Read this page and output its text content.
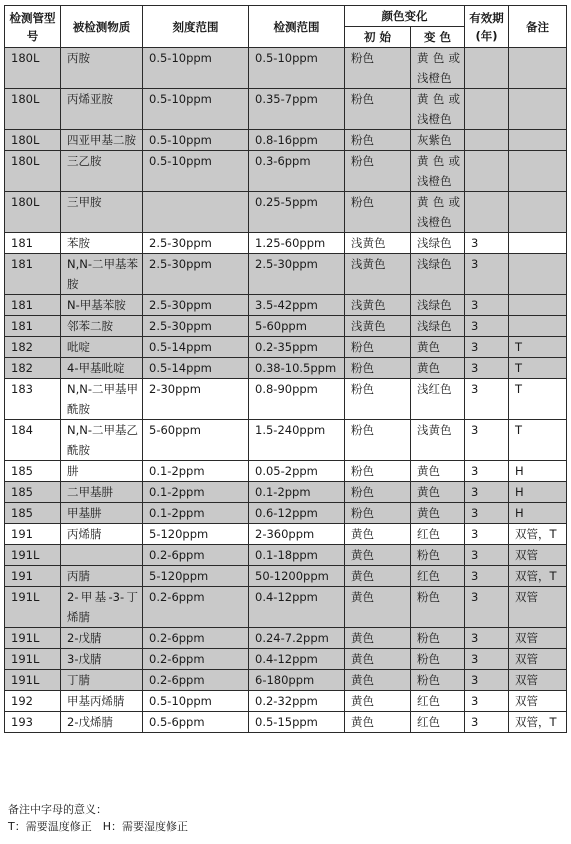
检测管型号	被检测物质	刻度范围	检测范围	颜色变化		有效期(年)	备注
				初 始	变 色		
180L	丙胺	0.5-10ppm	0.5-10ppm	粉色	黄色或浅橙色		
180L	丙烯亚胺	0.5-10ppm	0.35-7ppm	粉色	黄色或浅橙色		
180L	四亚甲基二胺	0.5-10ppm	0.8-16ppm	粉色	灰紫色		
180L	三乙胺	0.5-10ppm	0.3-6ppm	粉色	黄色或浅橙色		
180L	三甲胺		0.25-5ppm	粉色	黄色或浅橙色		
181	苯胺	2.5-30ppm	1.25-60ppm	浅黄色	浅绿色	3	
181	N,N-二甲基苯胺	2.5-30ppm	2.5-30ppm	浅黄色	浅绿色	3	
181	N-甲基苯胺	2.5-30ppm	3.5-42ppm	浅黄色	浅绿色	3	
181	邻苯二胺	2.5-30ppm	5-60ppm	浅黄色	浅绿色	3	
182	吡啶	0.5-14ppm	0.2-35ppm	粉色	黄色	3	T
182	4-甲基吡啶	0.5-14ppm	0.38-10.5ppm	粉色	黄色	3	T
183	N,N-二甲基甲酰胺	2-30ppm	0.8-90ppm	粉色	浅红色	3	T
184	N,N-二甲基乙酰胺	5-60ppm	1.5-240ppm	粉色	浅黄色	3	T
185	肼	0.1-2ppm	0.05-2ppm	粉色	黄色	3	H
185	二甲基肼	0.1-2ppm	0.1-2ppm	粉色	黄色	3	H
185	甲基肼	0.1-2ppm	0.6-12ppm	粉色	黄色	3	H
191	丙烯腈	5-120ppm	2-360ppm	黄色	红色	3	双管，T
191L		0.2-6ppm	0.1-18ppm	黄色	粉色	3	双管
191	丙腈	5-120ppm	50-1200ppm	黄色	红色	3	双管，T
191L	2-甲基-3-丁烯腈	0.2-6ppm	0.4-12ppm	黄色	粉色	3	双管
191L	2-戊腈	0.2-6ppm	0.24-7.2ppm	黄色	粉色	3	双管
191L	3-戊腈	0.2-6ppm	0.4-12ppm	黄色	粉色	3	双管
191L	丁腈	0.2-6ppm	6-180ppm	黄色	粉色	3	双管
192	甲基丙烯腈	0.5-10ppm	0.2-32ppm	黄色	红色	3	双管
193	2-戊烯腈	0.5-6ppm	0.5-15ppm	黄色	红色	3	双管，T
备注中字母的意义：
T：需要温度修正　H：需要湿度修正
